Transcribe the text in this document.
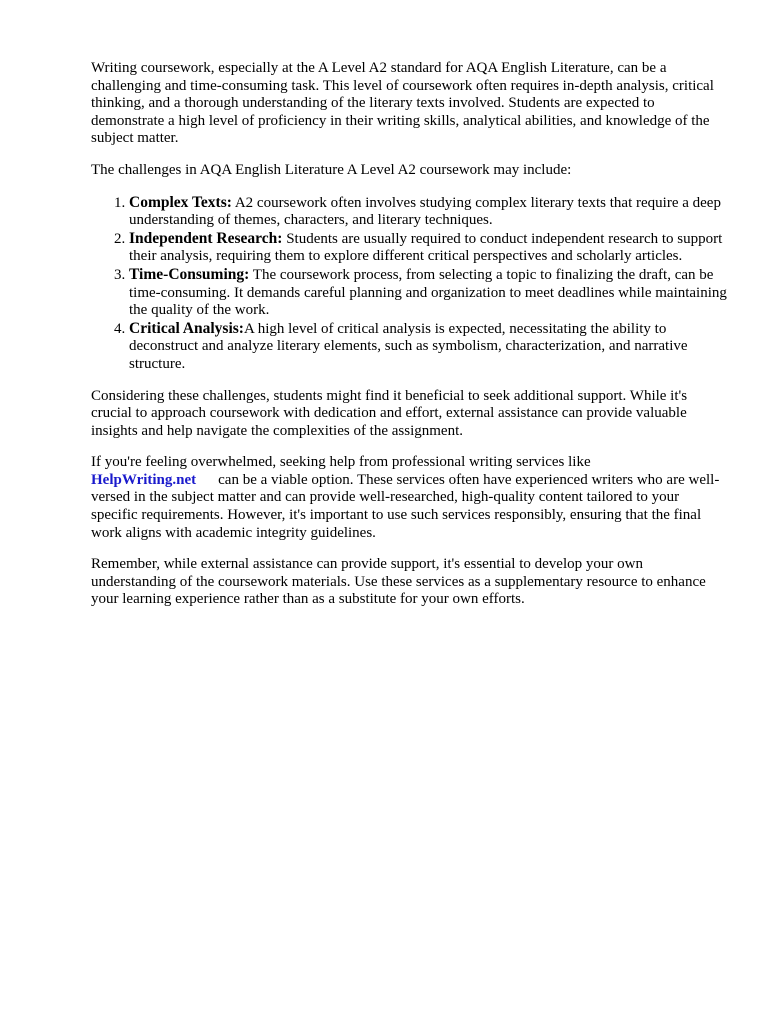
Writing coursework, especially at the A Level A2 standard for AQA English Literature, can be a challenging and time-consuming task. This level of coursework often requires in-depth analysis, critical thinking, and a thorough understanding of the literary texts involved. Students are expected to demonstrate a high level of proficiency in their writing skills, analytical abilities, and knowledge of the subject matter.

The challenges in AQA English Literature A Level A2 coursework may include:

1. Complex Texts: A2 coursework often involves studying complex literary texts that require a deep understanding of themes, characters, and literary techniques.
2. Independent Research: Students are usually required to conduct independent research to support their analysis, requiring them to explore different critical perspectives and scholarly articles.
3. Time-Consuming: The coursework process, from selecting a topic to finalizing the draft, can be time-consuming. It demands careful planning and organization to meet deadlines while maintaining the quality of the work.
4. Critical Analysis:A high level of critical analysis is expected, necessitating the ability to deconstruct and analyze literary elements, such as symbolism, characterization, and narrative structure.

Considering these challenges, students might find it beneficial to seek additional support. While it's crucial to approach coursework with dedication and effort, external assistance can provide valuable insights and help navigate the complexities of the assignment.

If you're feeling overwhelmed, seeking help from professional writing services like
HelpWriting.net can be a viable option. These services often have experienced writers who are well-versed in the subject matter and can provide well-researched, high-quality content tailored to your specific requirements. However, it's important to use such services responsibly, ensuring that the final work aligns with academic integrity guidelines.

Remember, while external assistance can provide support, it's essential to develop your own understanding of the coursework materials. Use these services as a supplementary resource to enhance your learning experience rather than as a substitute for your own efforts.
